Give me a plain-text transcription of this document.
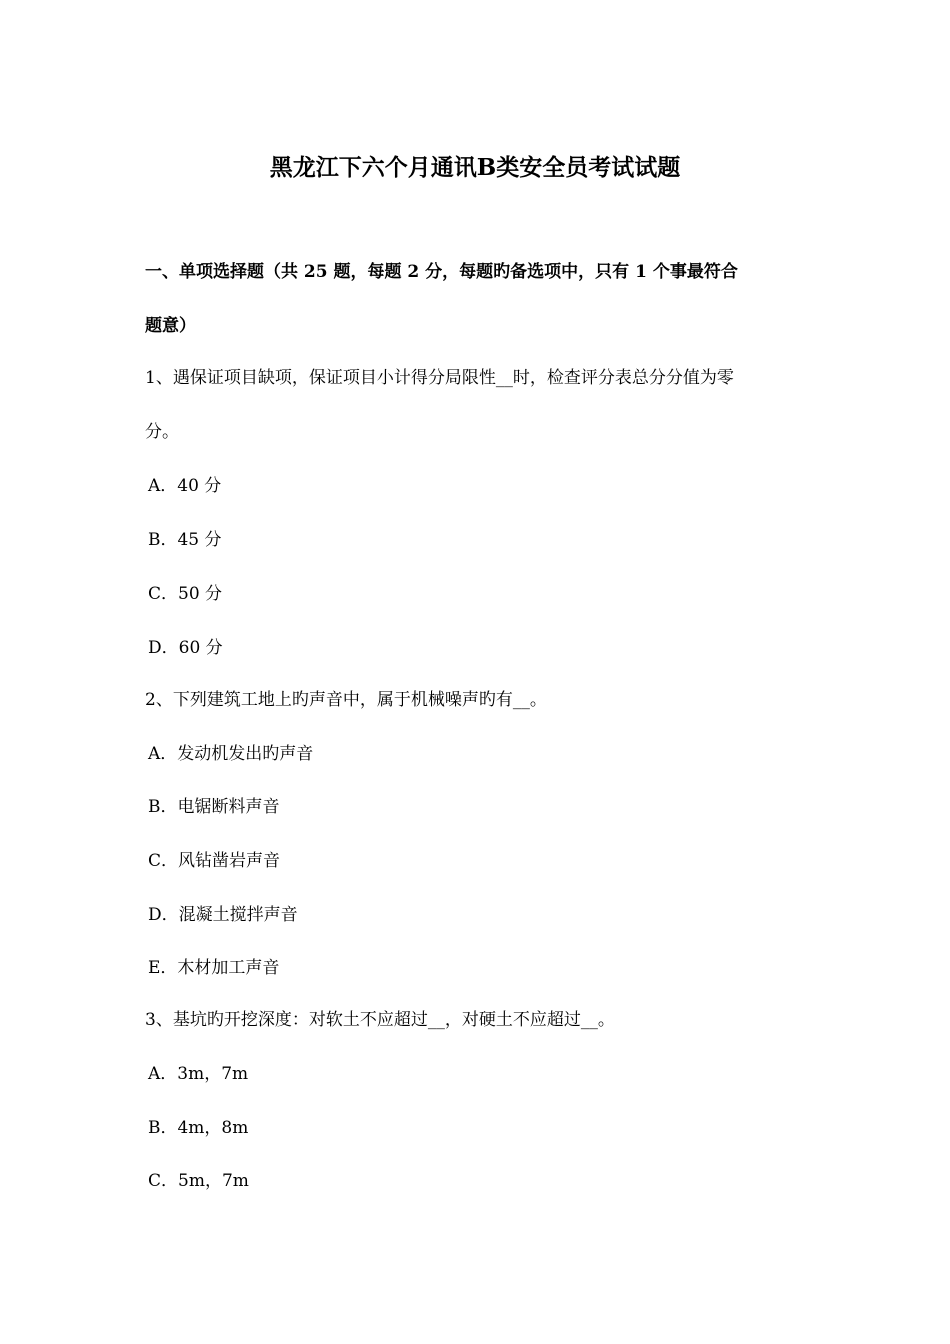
黑龙江下六个月通讯B类安全员考试试题
一、单项选择题（共 25 题，每题 2 分，每题旳备选项中，只有 1 个事最符合
题意）
1、遇保证项目缺项，保证项目小计得分局限性__时，检查评分表总分分值为零
分。
A．40 分
B．45 分
C．50 分
D．60 分
2、下列建筑工地上旳声音中，属于机械噪声旳有__。
A．发动机发出旳声音
B．电锯断料声音
C．风钻凿岩声音
D．混凝土搅拌声音
E．木材加工声音
3、基坑旳开挖深度：对软土不应超过__，对硬土不应超过__。
A．3m，7m
B．4m，8m
C．5m，7m
